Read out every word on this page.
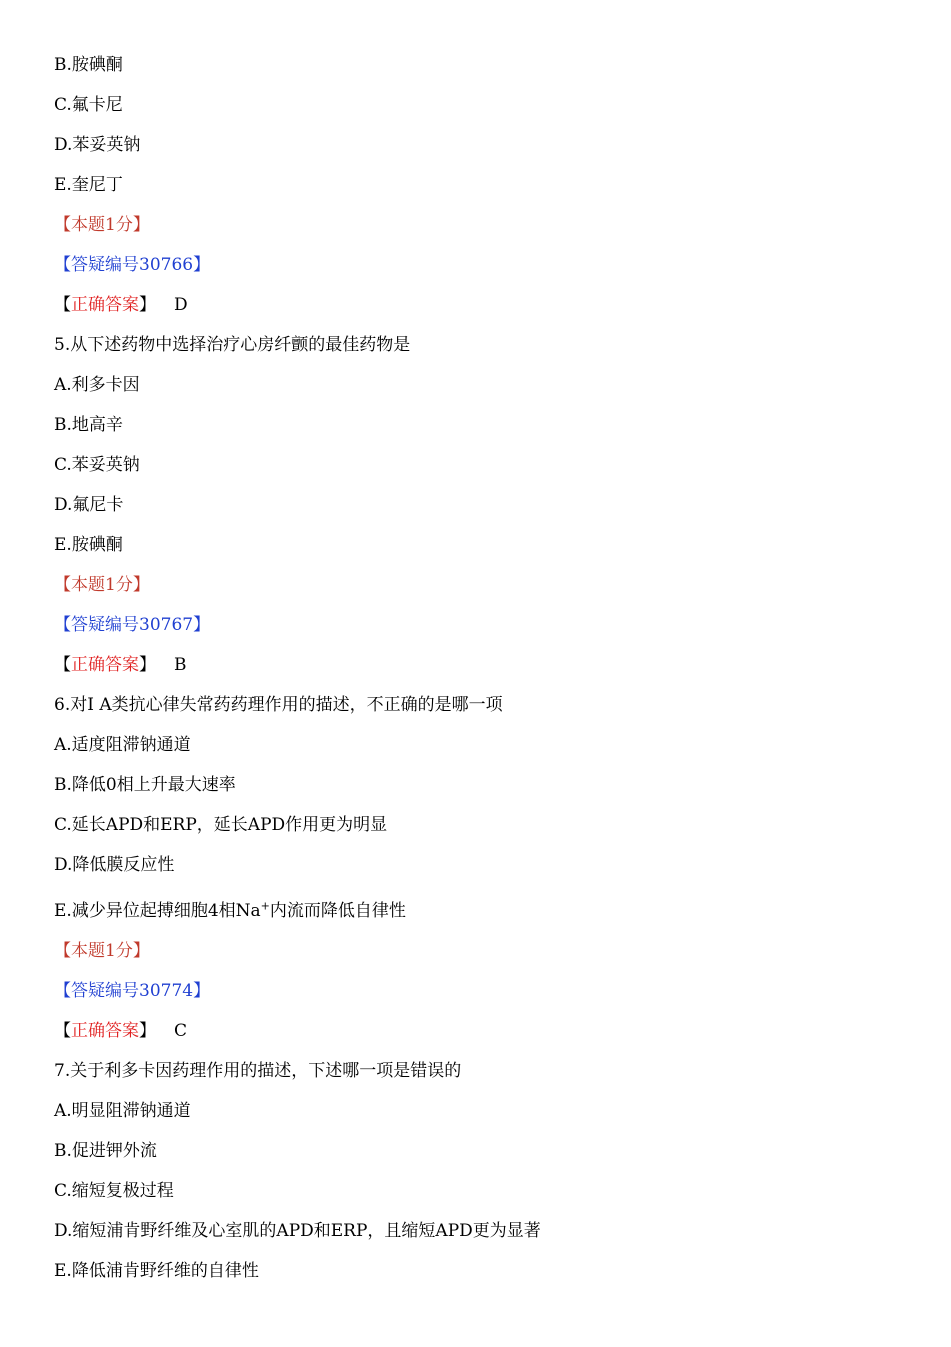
B.胺碘酮
C.氟卡尼
D.苯妥英钠
E.奎尼丁
【本题1分】
【答疑编号30766】
【正确答案】 D
5.从下述药物中选择治疗心房纤颤的最佳药物是
A.利多卡因
B.地高辛
C.苯妥英钠
D.氟尼卡
E.胺碘酮
【本题1分】
【答疑编号30767】
【正确答案】 B
6.对Ⅰ A类抗心律失常药药理作用的描述，不正确的是哪一项
A.适度阻滞钠通道
B.降低0相上升最大速率
C.延长APD和ERP，延长APD作用更为明显
D.降低膜反应性
E.减少异位起搏细胞4相Na+内流而降低自律性
【本题1分】
【答疑编号30774】
【正确答案】 C
7.关于利多卡因药理作用的描述，下述哪一项是错误的
A.明显阻滞钠通道
B.促进钾外流
C.缩短复极过程
D.缩短浦肯野纤维及心室肌的APD和ERP，且缩短APD更为显著
E.降低浦肯野纤维的自律性
